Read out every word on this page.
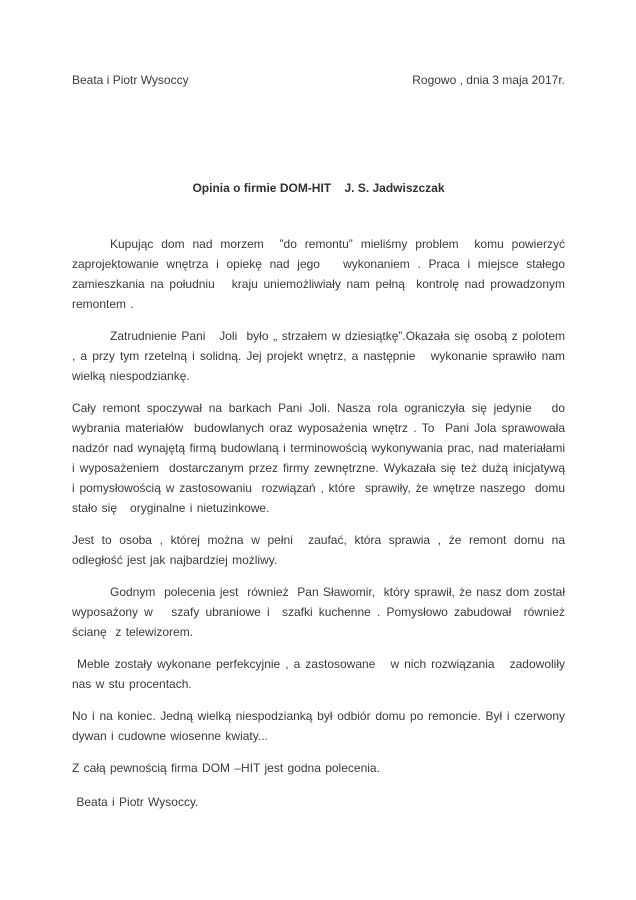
Beata i Piotr Wysoccy	Rogowo , dnia 3 maja 2017r.
Opinia o firmie DOM-HIT    J. S. Jadwiszczak

Kupując dom nad morzem  ”do remontu” mieliśmy problem  komu powierzyć zaprojektowanie wnętrza i opiekę nad jego   wykonaniem . Praca i miejsce stałego zamieszkania na południu   kraju uniemożliwiały nam pełną  kontrolę nad prowadzonym remontem .

Zatrudnienie Pani   Joli  było „ strzałem w dziesiątkę”.Okazała się osobą z polotem , a przy tym rzetelną i solidną. Jej projekt wnętrz, a następnie   wykonanie sprawiło nam wielką niespodziankę.

Cały remont spoczywał na barkach Pani Joli. Nasza rola ograniczyła się jedynie   do wybrania materiałów  budowlanych oraz wyposażenia wnętrz . To  Pani Jola sprawowała nadzór nad wynajętą firmą budowlaną i terminowością wykonywania prac, nad materiałami i wyposażeniem  dostarczanym przez firmy zewnętrzne. Wykazała się też dużą inicjatywą  i pomysłowością w zastosowaniu  rozwiązań , które  sprawiły, że wnętrze naszego  domu stało się   oryginalne i nietuzinkowe.

Jest to osoba , której można w pełni  zaufać, która sprawia , że remont domu na odległość jest jak najbardziej możliwy.

Godnym  polecenia jest  również  Pan Sławomir,  który sprawił, że nasz dom został wyposażony w   szafy ubraniowe i  szafki kuchenne . Pomysłowo zabudował  również ścianę  z telewizorem.

Meble zostały wykonane perfekcyjnie , a zastosowane   w nich rozwiązania   zadowoliły nas w stu procentach.

No i na koniec. Jedną wielką niespodzianką był odbiór domu po remoncie. Był i czerwony dywan i cudowne wiosenne kwiaty...

Z całą pewnością firma DOM –HIT jest godna polecenia.

Beata i Piotr Wysoccy.
